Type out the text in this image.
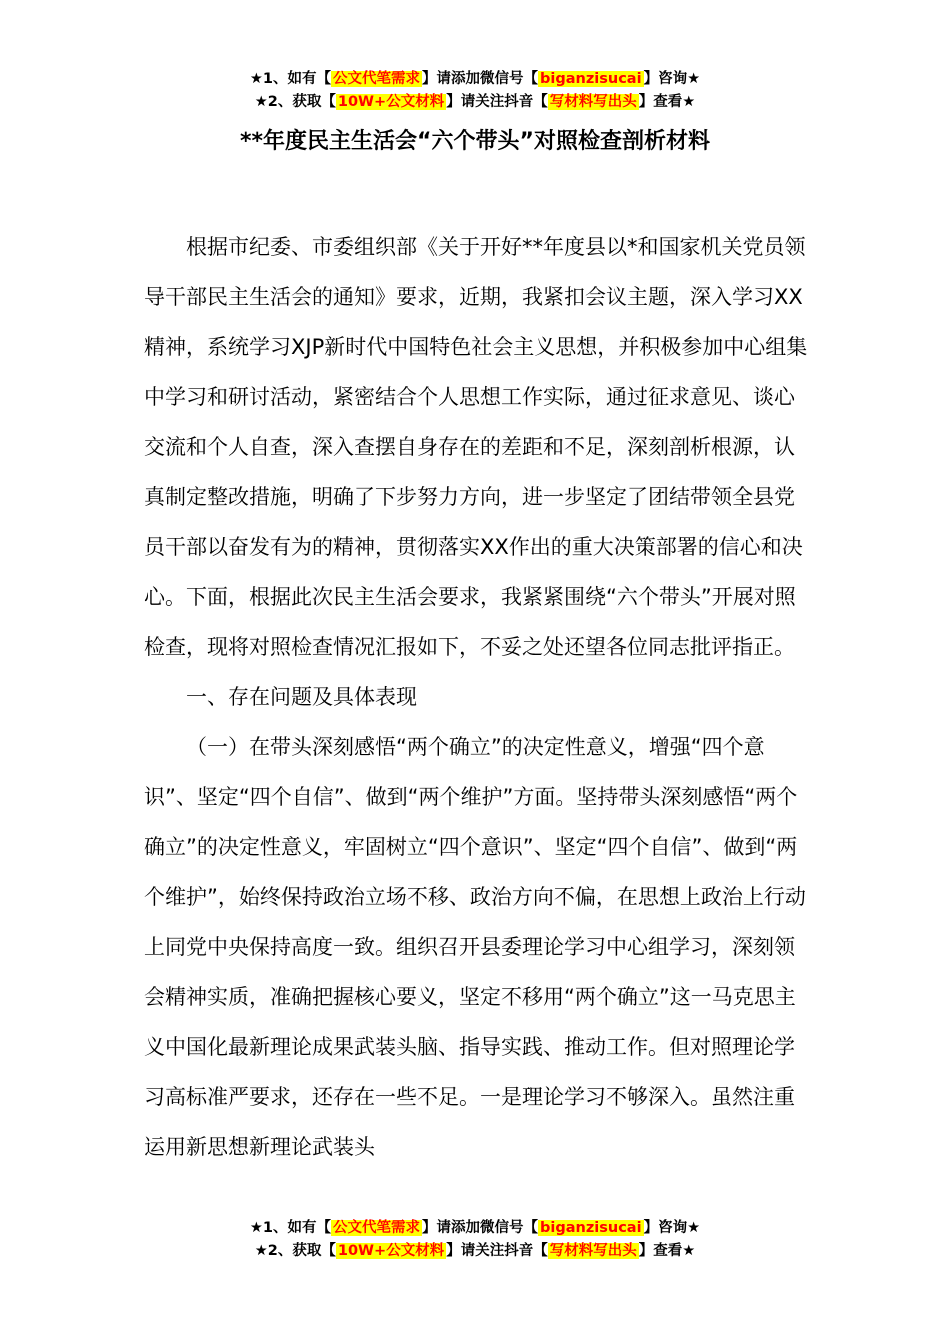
★1、如有【 公文代笔需求 】请添加微信号【 biganzisucai 】咨询★
★2、获取【 10W+公文材料 】请关注抖音【 写材料写出头 】查看★
**年度民主生活会“六个带头”对照检查剖析材料

根据市纪委、市委组织部《关于开好**年度县以*和国家机关党员领导干部民主生活会的通知》要求，近期，我紧扣会议主题，深入学习XX精神，系统学习XJP新时代中国特色社会主义思想，并积极参加中心组集中学习和研讨活动，紧密结合个人思想工作实际，通过征求意见、谈心交流和个人自查，深入查摆自身存在的差距和不足，深刻剖析根源，认真制定整改措施，明确了下步努力方向，进一步坚定了团结带领全县党员干部以奋发有为的精神，贯彻落实XX作出的重大决策部署的信心和决心。下面，根据此次民主生活会要求，我紧紧围绕“六个带头”开展对照检查，现将对照检查情况汇报如下，不妥之处还望各位同志批评指正。

一、存在问题及具体表现

（一）在带头深刻感悟“两个确立”的决定性意义，增强“四个意识”、坚定“四个自信”、做到“两个维护”方面。坚持带头深刻感悟“两个确立”的决定性意义，牢固树立“四个意识”、坚定“四个自信”、做到“两个维护”，始终保持政治立场不移、政治方向不偏，在思想上政治上行动上同党中央保持高度一致。组织召开县委理论学习中心组学习，深刻领会精神实质，准确把握核心要义，坚定不移用“两个确立”这一马克思主义中国化最新理论成果武装头脑、指导实践、推动工作。但对照理论学习高标准严要求，还存在一些不足。一是理论学习不够深入。虽然注重运用新思想新理论武装头

★1、如有【 公文代笔需求 】请添加微信号【 biganzisucai 】咨询★
★2、获取【 10W+公文材料 】请关注抖音【 写材料写出头 】查看★
